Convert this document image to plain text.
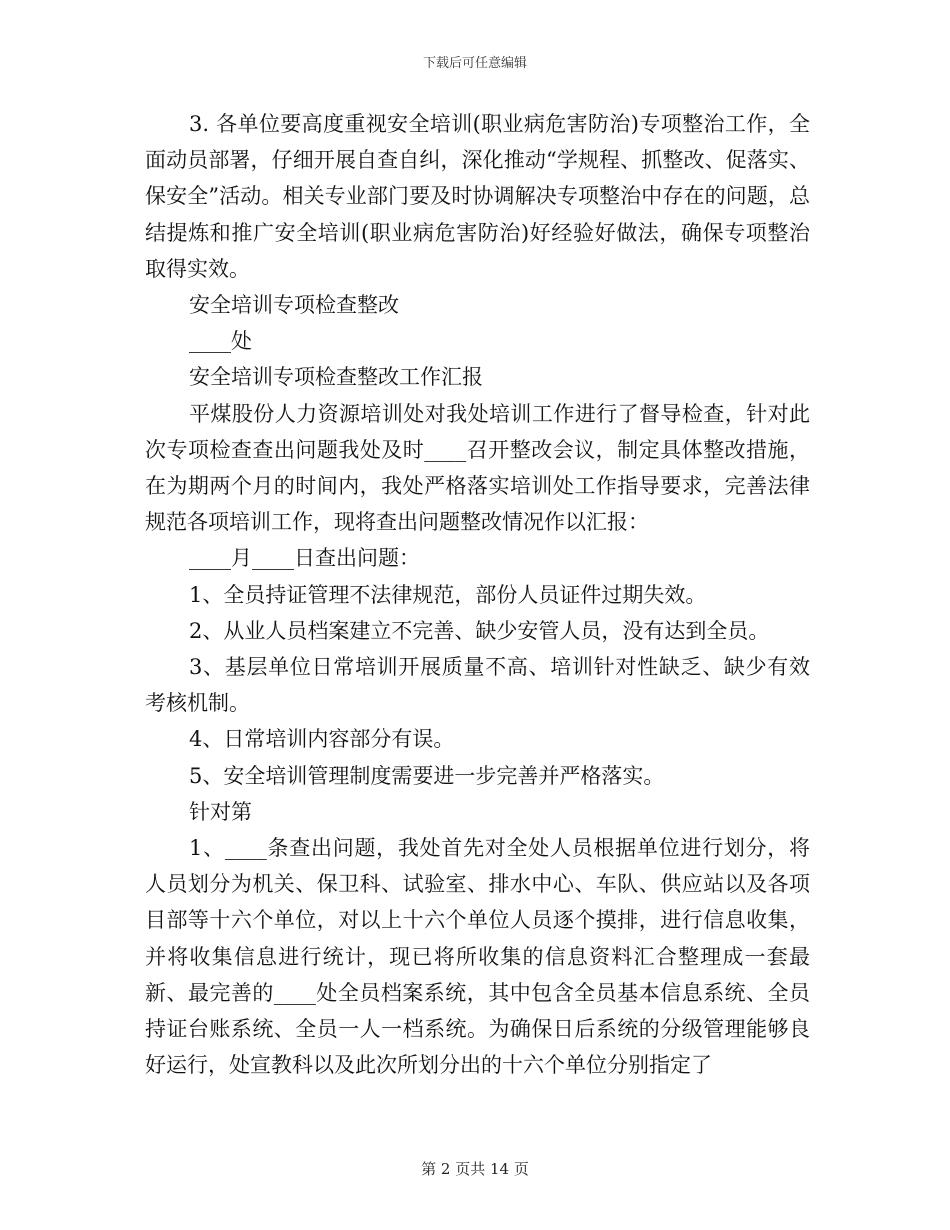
下载后可任意编辑

3. 各单位要高度重视安全培训(职业病危害防治)专项整治工作，全面动员部署，仔细开展自查自纠，深化推动“学规程、抓整改、促落实、保安全”活动。相关专业部门要及时协调解决专项整治中存在的问题，总结提炼和推广安全培训(职业病危害防治)好经验好做法，确保专项整治取得实效。

安全培训专项检查整改

____处

安全培训专项检查整改工作汇报

平煤股份人力资源培训处对我处培训工作进行了督导检查，针对此次专项检查查出问题我处及时____召开整改会议，制定具体整改措施，在为期两个月的时间内，我处严格落实培训处工作指导要求，完善法律规范各项培训工作，现将查出问题整改情况作以汇报：

____月____日查出问题：

1、全员持证管理不法律规范，部份人员证件过期失效。

2、从业人员档案建立不完善、缺少安管人员，没有达到全员。

3、基层单位日常培训开展质量不高、培训针对性缺乏、缺少有效考核机制。

4、日常培训内容部分有误。

5、安全培训管理制度需要进一步完善并严格落实。

针对第

1、____条查出问题，我处首先对全处人员根据单位进行划分，将人员划分为机关、保卫科、试验室、排水中心、车队、供应站以及各项目部等十六个单位，对以上十六个单位人员逐个摸排，进行信息收集，并将收集信息进行统计，现已将所收集的信息资料汇合整理成一套最新、最完善的____处全员档案系统，其中包含全员基本信息系统、全员持证台账系统、全员一人一档系统。为确保日后系统的分级管理能够良好运行，处宣教科以及此次所划分出的十六个单位分别指定了

第 2 页共 14 页
